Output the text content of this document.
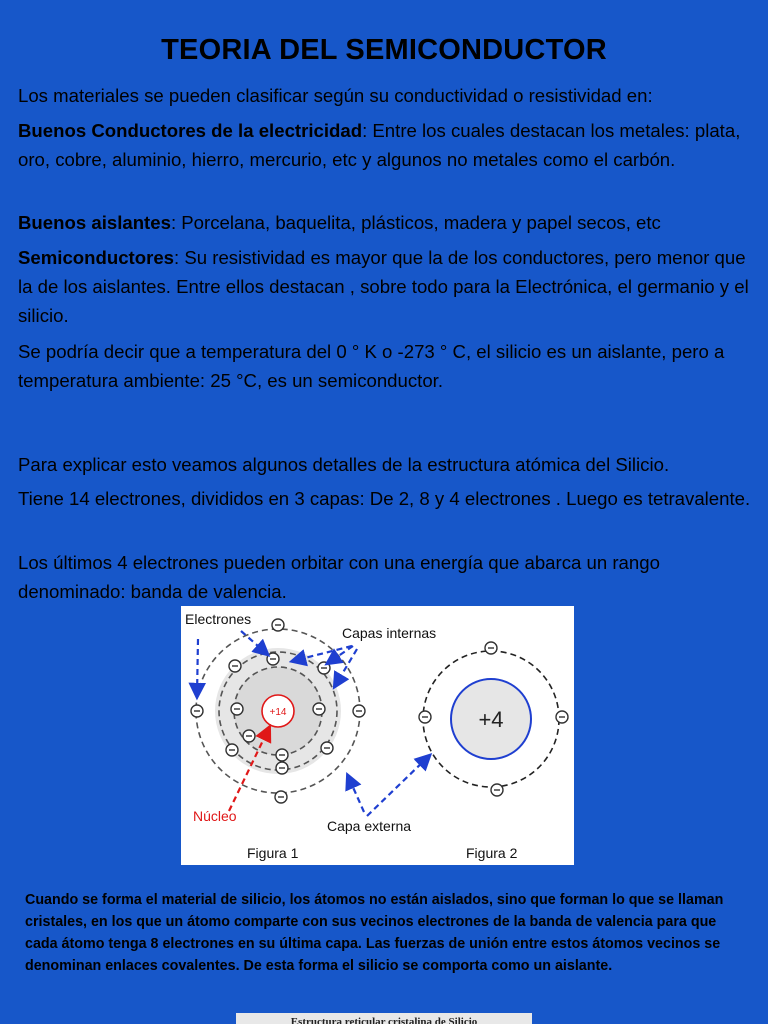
TEORIA DEL SEMICONDUCTOR

Los materiales se pueden clasificar según su conductividad o resistividad en:

Buenos Conductores de la electricidad: Entre los cuales destacan los metales: plata, oro, cobre, aluminio, hierro, mercurio, etc y algunos no metales como el carbón.

Buenos aislantes: Porcelana, baquelita, plásticos, madera y papel secos, etc

Semiconductores: Su resistividad es mayor que la de los conductores, pero menor que la de los aislantes. Entre ellos destacan , sobre todo para la Electrónica, el germanio y el silicio.

Se podría decir que a temperatura del 0 ° K o -273 ° C, el silicio es un aislante, pero a temperatura ambiente: 25 °C, es un semiconductor.

Para explicar esto veamos algunos detalles de la estructura atómica del Silicio.

Tiene 14 electrones, divididos en 3 capas: De 2, 8 y 4 electrones . Luego es tetravalente.

Los últimos 4 electrones pueden orbitar con una energía que abarca un rango denominado: banda de valencia.

+14	+4
Electrones
Capas internas
Núcleo
Capa externa
Figura 1	Figura 2

Cuando se forma el material de silicio, los átomos no están aislados, sino que forman lo que se llaman cristales, en los que un átomo comparte con sus vecinos electrones de la banda de valencia para que cada átomo tenga 8 electrones en su última capa. Las fuerzas de unión entre estos átomos vecinos se denominan enlaces covalentes. De esta forma el silicio se comporta como un aislante.

Estructura reticular cristalina de Silicio
